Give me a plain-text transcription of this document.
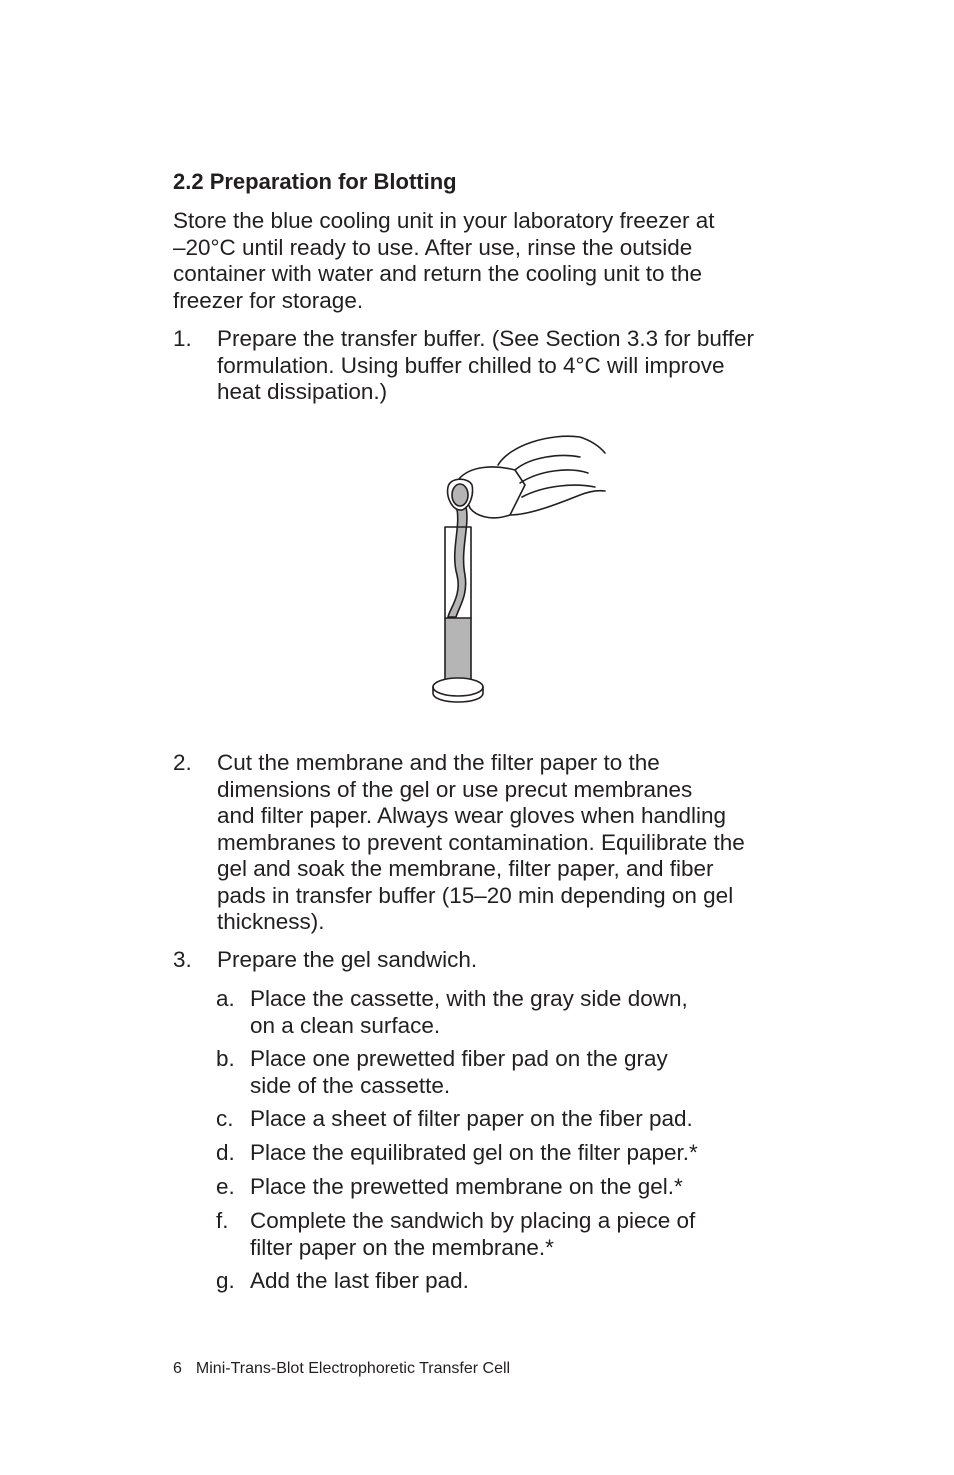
2.2 Preparation for Blotting
Store the blue cooling unit in your laboratory freezer at
–20°C until ready to use. After use, rinse the outside
container with water and return the cooling unit to the
freezer for storage.
1.	Prepare the transfer buffer. (See Section 3.3 for buffer
formulation. Using buffer chilled to 4°C will improve
heat dissipation.)
2.	Cut the membrane and the filter paper to the
dimensions of the gel or use precut membranes
and filter paper. Always wear gloves when handling
membranes to prevent contamination. Equilibrate the
gel and soak the membrane, filter paper, and fiber
pads in transfer buffer (15–20 min depending on gel
thickness).
3.	Prepare the gel sandwich.
a. Place the cassette, with the gray side down,
on a clean surface.
b. Place one prewetted fiber pad on the gray
side of the cassette.
c. Place a sheet of filter paper on the fiber pad.
d. Place the equilibrated gel on the filter paper.*
e. Place the prewetted membrane on the gel.*
f. Complete the sandwich by placing a piece of
filter paper on the membrane.*
g. Add the last fiber pad.
6 Mini-Trans-Blot Electrophoretic Transfer Cell
